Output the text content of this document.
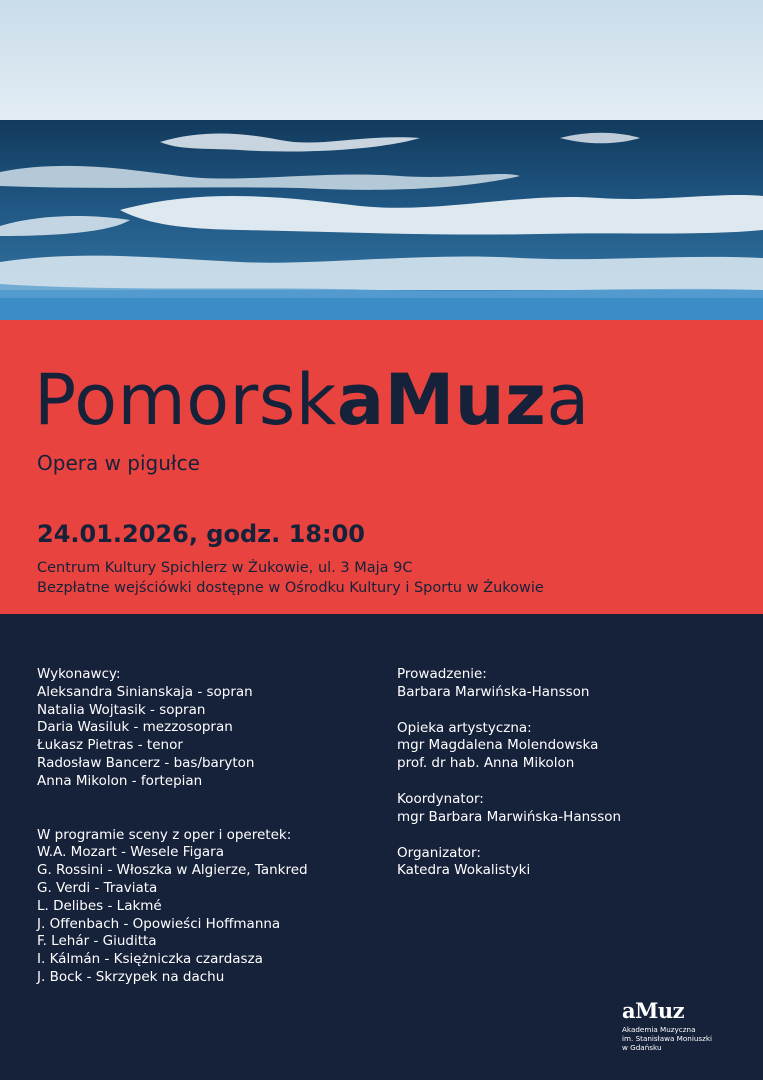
PomorskaMuza
Opera w pigułce
24.01.2026, godz. 18:00
Centrum Kultury Spichlerz w Żukowie, ul. 3 Maja 9C
Bezpłatne wejściówki dostępne w Ośrodku Kultury i Sportu w Żukowie
Wykonawcy:
Aleksandra Sinianskaja - sopran
Natalia Wojtasik - sopran
Daria Wasiluk - mezzosopran
Łukasz Pietras - tenor
Radosław Bancerz - bas/baryton
Anna Mikolon - fortepian
W programie sceny z oper i operetek:
W.A. Mozart - Wesele Figara
G. Rossini - Włoszka w Algierze, Tankred
G. Verdi - Traviata
L. Delibes - Lakmé
J. Offenbach - Opowieści Hoffmanna
F. Lehár - Giuditta
I. Kálmán - Księżniczka czardasza
J. Bock - Skrzypek na dachu
Prowadzenie:
Barbara Marwińska-Hansson
Opieka artystyczna:
mgr Magdalena Molendowska
prof. dr hab. Anna Mikolon
Koordynator:
mgr Barbara Marwińska-Hansson
Organizator:
Katedra Wokalistyki
aMuz
Akademia Muzyczna
im. Stanisława Moniuszki
w Gdańsku
